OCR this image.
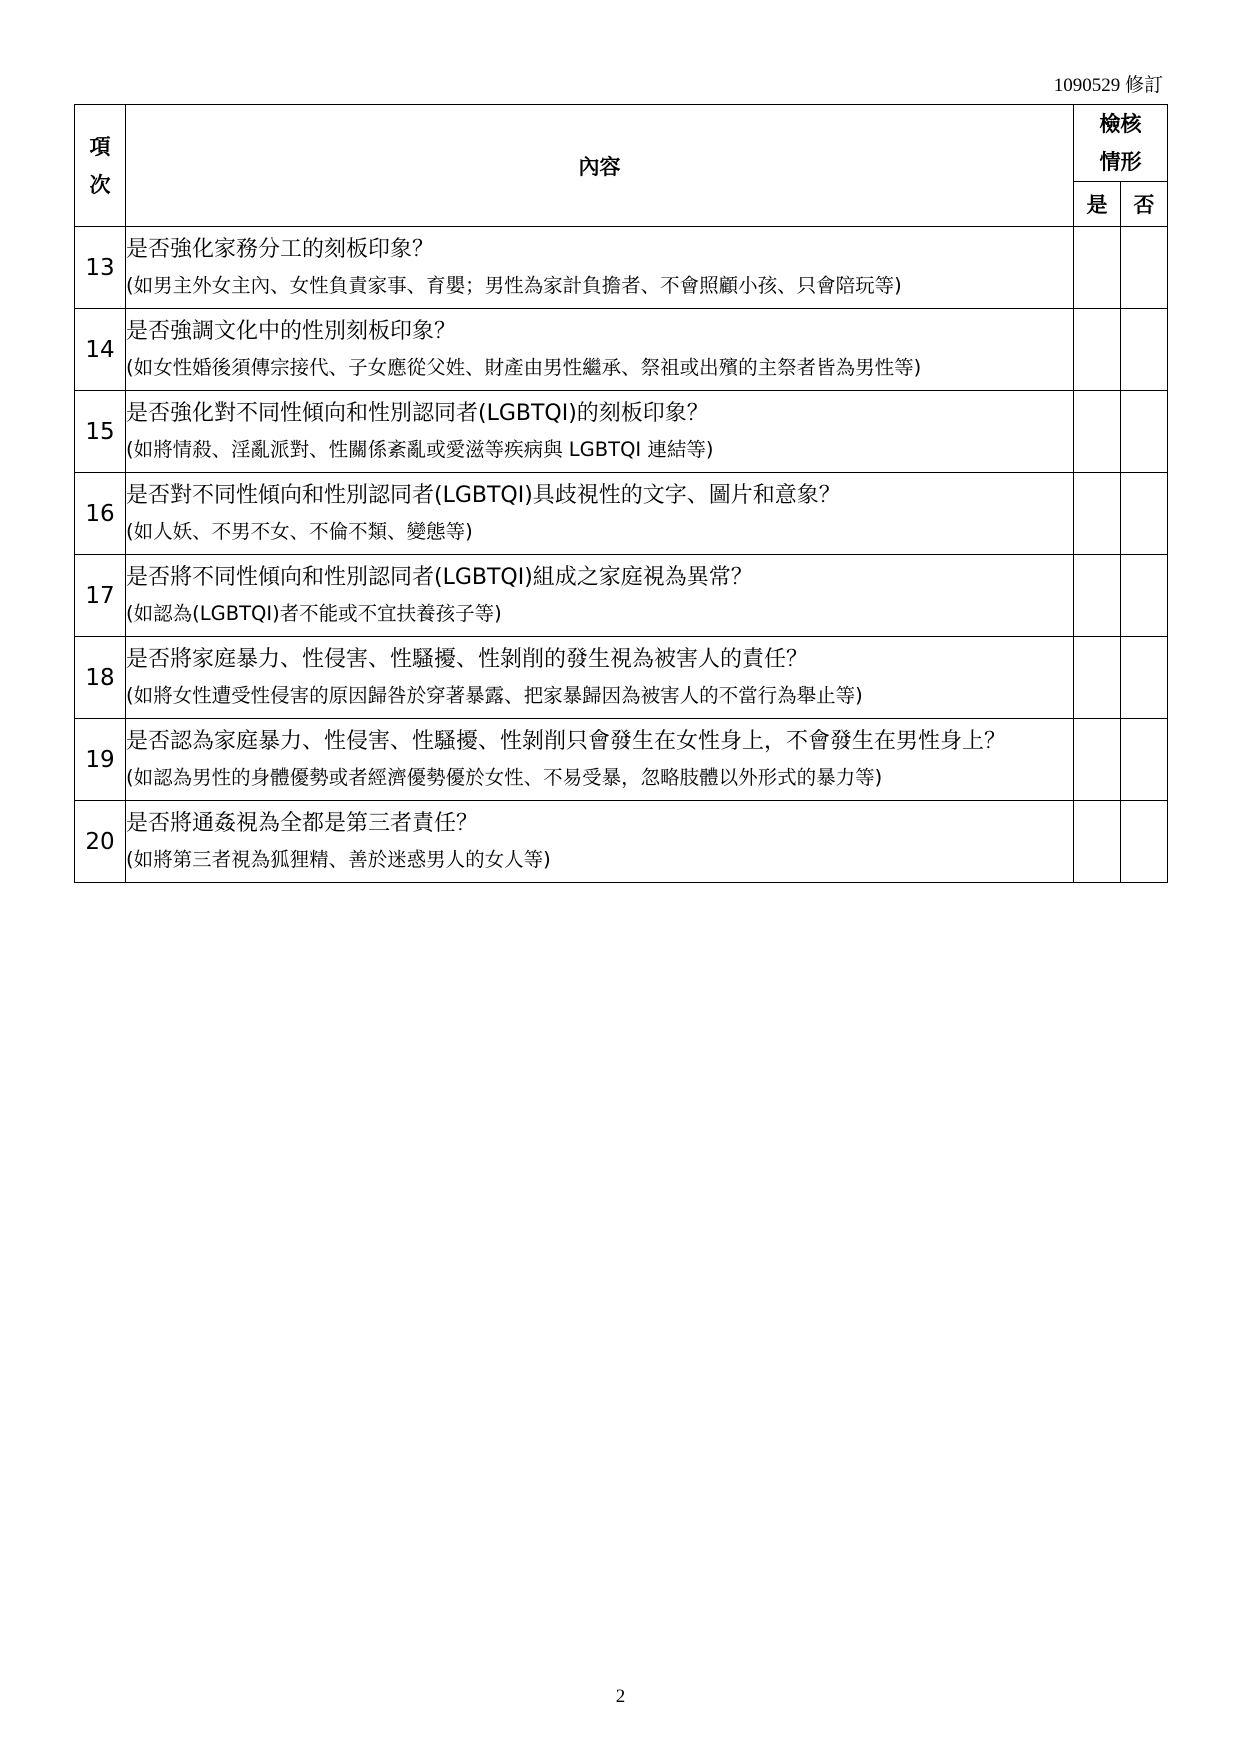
1090529 修訂
項次	內容	檢核情形	

		是	否
13	是否強化家務分工的刻板印象？
(如男主外女主內、女性負責家事、育嬰；男性為家計負擔者、不會照顧小孩、只會陪玩等)		

14	是否強調文化中的性別刻板印象？
(如女性婚後須傳宗接代、子女應從父姓、財產由男性繼承、祭祖或出殯的主祭者皆為男性等)		

15	是否強化對不同性傾向和性別認同者(LGBTQI)的刻板印象？
(如將情殺、淫亂派對、性關係紊亂或愛滋等疾病與 LGBTQI 連結等)		

16	是否對不同性傾向和性別認同者(LGBTQI)具歧視性的文字、圖片和意象？
(如人妖、不男不女、不倫不類、變態等)		

17	是否將不同性傾向和性別認同者(LGBTQI)組成之家庭視為異常？
(如認為(LGBTQI)者不能或不宜扶養孩子等)		

18	是否將家庭暴力、性侵害、性騷擾、性剝削的發生視為被害人的責任？
(如將女性遭受性侵害的原因歸咎於穿著暴露、把家暴歸因為被害人的不當行為舉止等)		

19	是否認為家庭暴力、性侵害、性騷擾、性剝削只會發生在女性身上，不會發生在男性身上？
(如認為男性的身體優勢或者經濟優勢優於女性、不易受暴，忽略肢體以外形式的暴力等)		

20	是否將通姦視為全都是第三者責任？
(如將第三者視為狐狸精、善於迷惑男人的女人等)		

2
